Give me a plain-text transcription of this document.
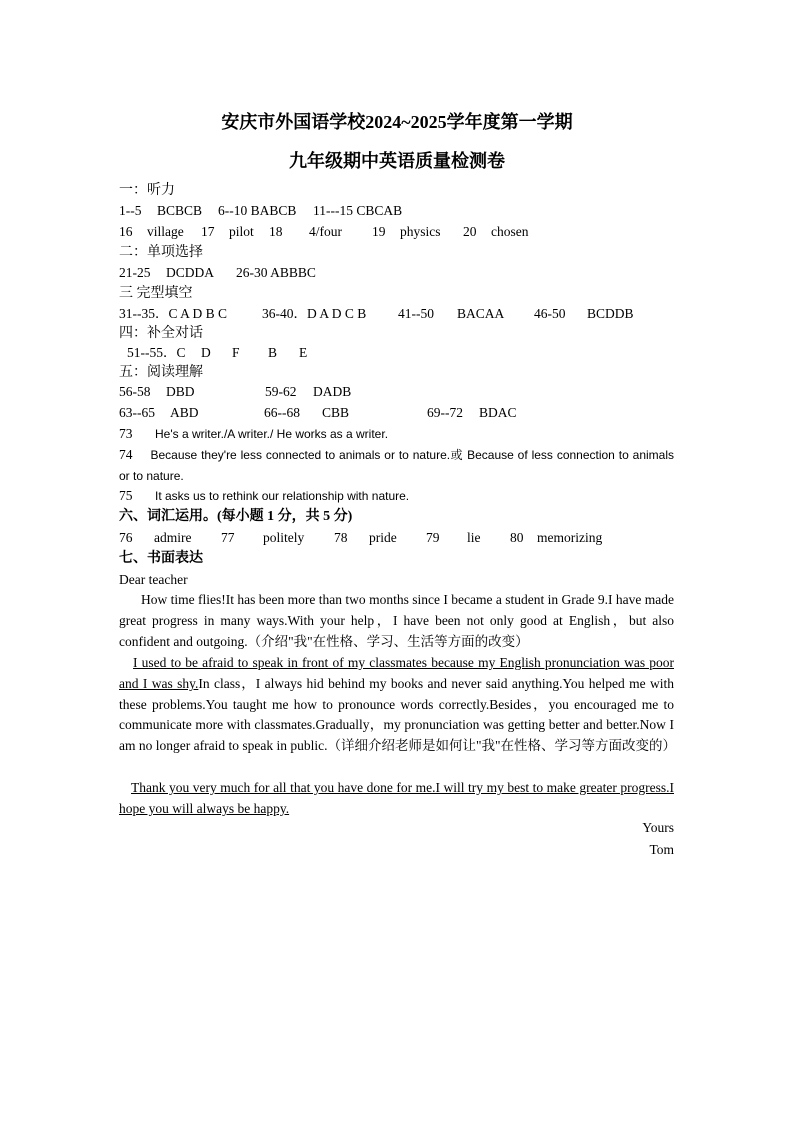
安庆市外国语学校2024~2025学年度第一学期
九年级期中英语质量检测卷
一：听力
1--5 BCBCB 6--10 BABCB 11---15 CBCAB
16 village 17 pilot 18 4/four 19 physics 20 chosen
二：单项选择
21-25 DCDDA 26-30 ABBBC
三 完型填空
31--35．C A D B C	36-40．D A D C B 41--50 BACAA 46-50 BCDDB
四：补全对话
51--55．C D F B E
五：阅读理解
56-58 DBD	59-62 DADB
63--65 ABD	66--68 CBB	69--72 BDAC
73 He's a writer./A writer./ He works as a writer.
74 Because they're less connected to animals or to nature.或 Because of less connection to animals or to nature.
75 It asks us to rethink our relationship with nature.
六、词汇运用。(每小题 1 分，共 5 分)
76 admire 77 politely 78 pride 79 lie 80 memorizing
七、书面表达
Dear teacher
How time flies!It has been more than two months since I became a student in Grade 9.I have made great progress in many ways.With your help，I have been not only good at English，but also confident and outgoing.（介绍"我"在性格、学习、生活等方面的改变）
I used to be afraid to speak in front of my classmates because my English pronunciation was poor and I was shy.In class，I always hid behind my books and never said anything.You helped me with these problems.You taught me how to pronounce words correctly.Besides，you encouraged me to communicate more with classmates.Gradually，my pronunciation was getting better and better.Now I am no longer afraid to speak in public.（详细介绍老师是如何让"我"在性格、学习等方面改变的）
Thank you very much for all that you have done for me.I will try my best to make greater progress.I hope you will always be happy.
Yours
Tom
